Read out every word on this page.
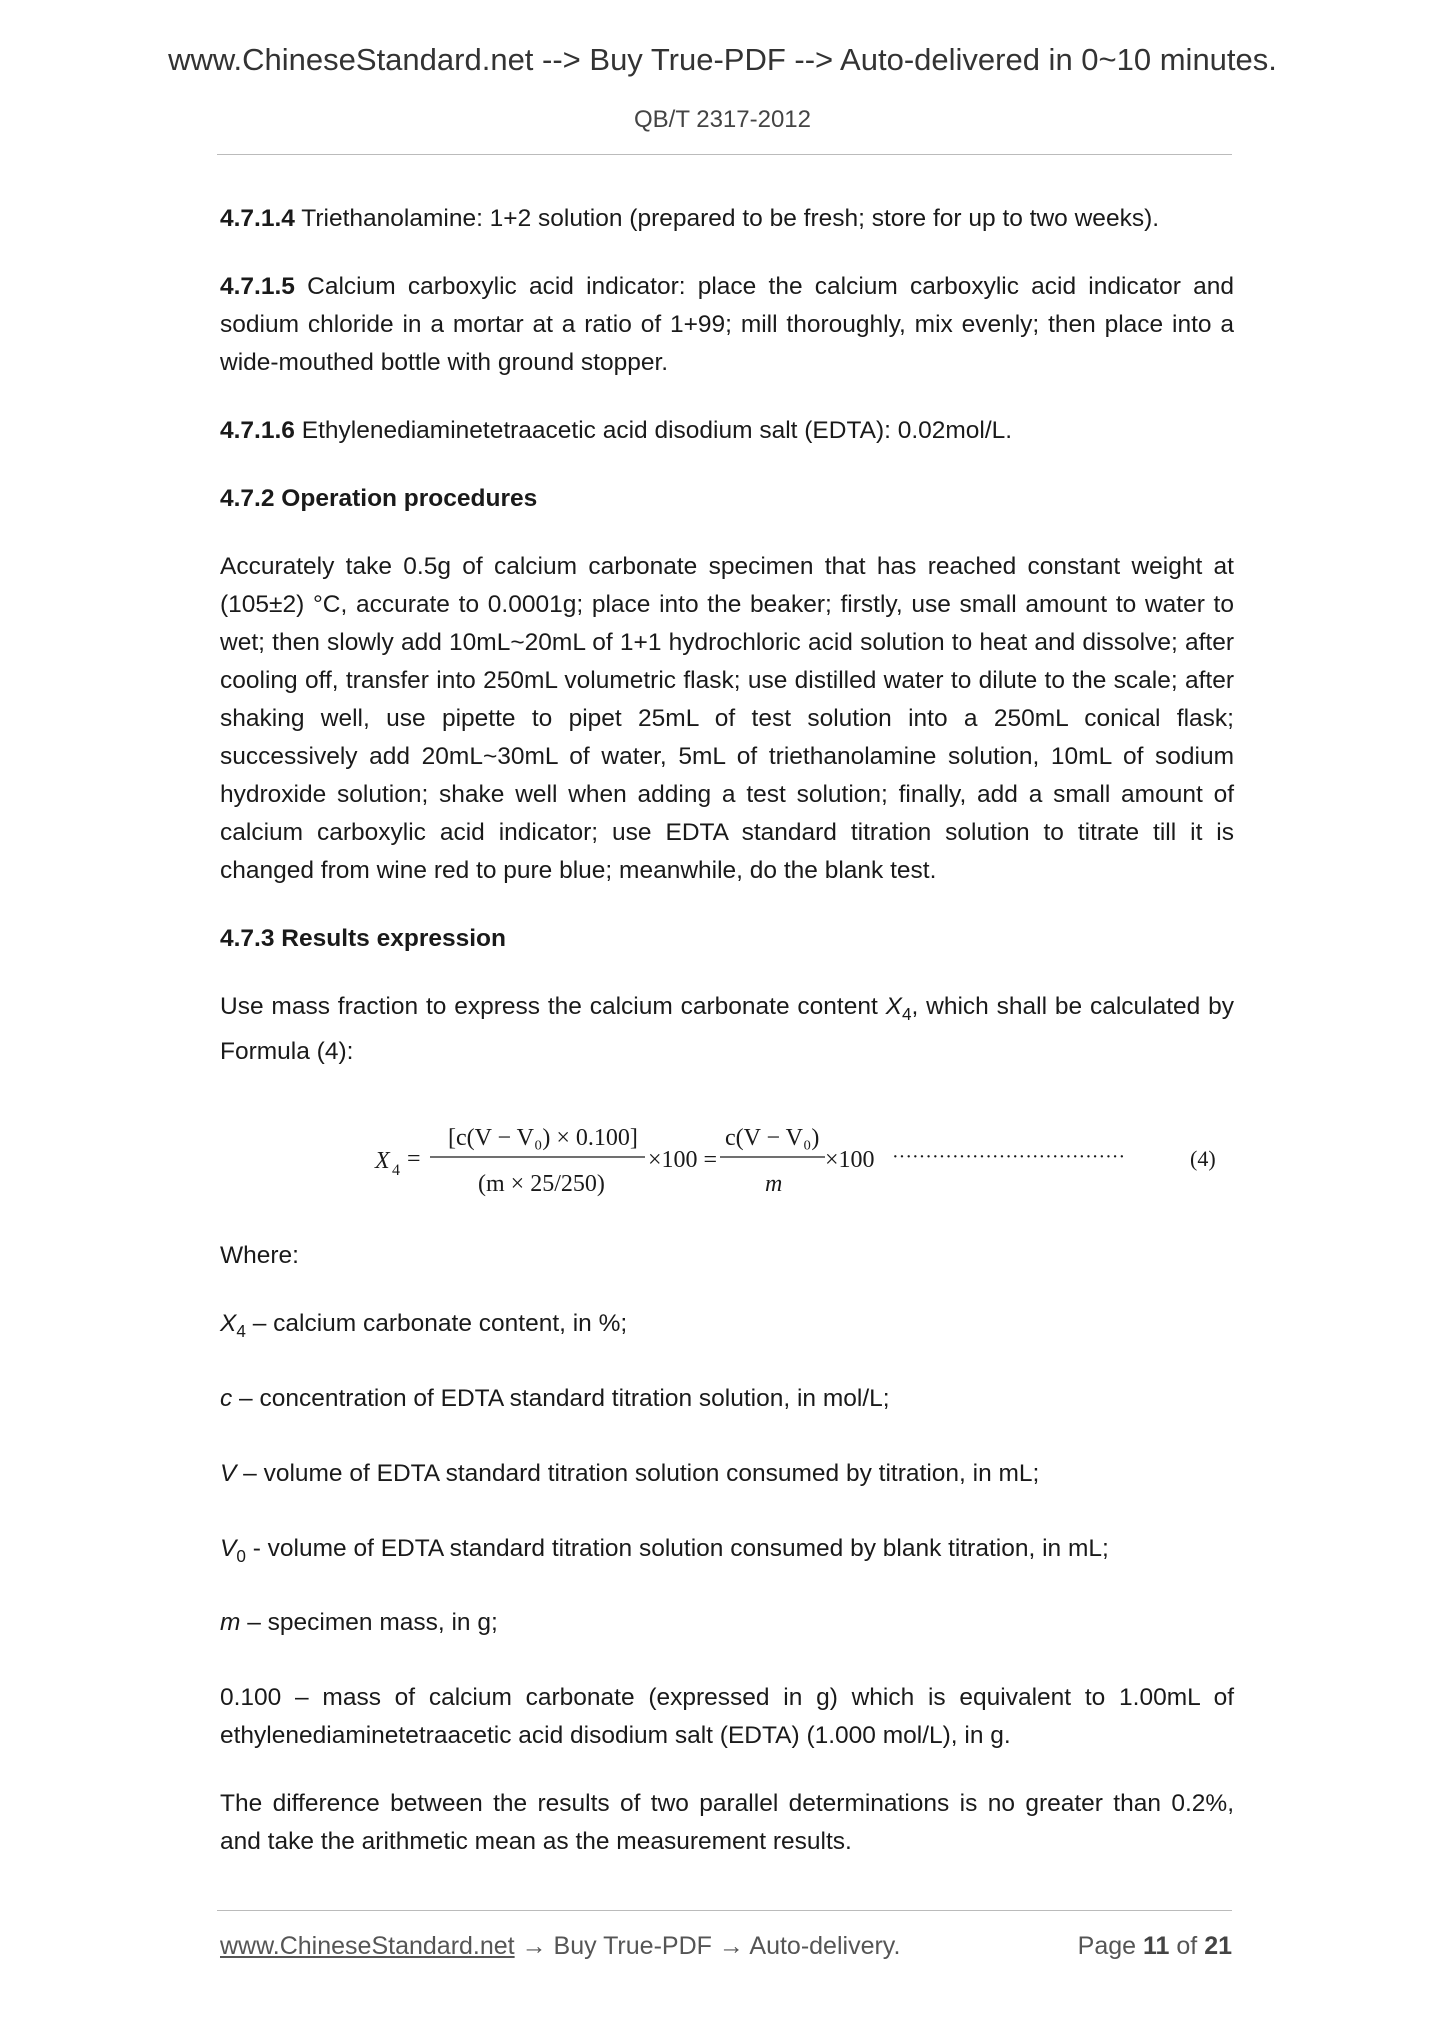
www.ChineseStandard.net --> Buy True-PDF --> Auto-delivered in 0~10 minutes.
QB/T 2317-2012

4.7.1.4 Triethanolamine: 1+2 solution (prepared to be fresh; store for up to two weeks).

4.7.1.5 Calcium carboxylic acid indicator: place the calcium carboxylic acid indicator and sodium chloride in a mortar at a ratio of 1+99; mill thoroughly, mix evenly; then place into a wide-mouthed bottle with ground stopper.

4.7.1.6 Ethylenediaminetetraacetic acid disodium salt (EDTA): 0.02mol/L.

4.7.2 Operation procedures

Accurately take 0.5g of calcium carbonate specimen that has reached constant weight at (105±2) °C, accurate to 0.0001g; place into the beaker; firstly, use small amount to water to wet; then slowly add 10mL~20mL of 1+1 hydrochloric acid solution to heat and dissolve; after cooling off, transfer into 250mL volumetric flask; use distilled water to dilute to the scale; after shaking well, use pipette to pipet 25mL of test solution into a 250mL conical flask; successively add 20mL~30mL of water, 5mL of triethanolamine solution, 10mL of sodium hydroxide solution; shake well when adding a test solution; finally, add a small amount of calcium carboxylic acid indicator; use EDTA standard titration solution to titrate till it is changed from wine red to pure blue; meanwhile, do the blank test.

4.7.3 Results expression

Use mass fraction to express the calcium carbonate content $X_4$, which shall be calculated by Formula (4):

X 4 =
[c(V − V₀) × 0.100]
(m × 25/250)
×100 =
c(V − V₀)
m
×100 ···································	(4)

Where:

$X_4$ – calcium carbonate content, in %;

c – concentration of EDTA standard titration solution, in mol/L;

V – volume of EDTA standard titration solution consumed by titration, in mL;

$V_0$ - volume of EDTA standard titration solution consumed by blank titration, in mL;

m – specimen mass, in g;

0.100 – mass of calcium carbonate (expressed in g) which is equivalent to 1.00mL of ethylenediaminetetraacetic acid disodium salt (EDTA) (1.000 mol/L), in g.

The difference between the results of two parallel determinations is no greater than 0.2%, and take the arithmetic mean as the measurement results.

www.ChineseStandard.net → Buy True-PDF → Auto-delivery.	Page 11 of 21
